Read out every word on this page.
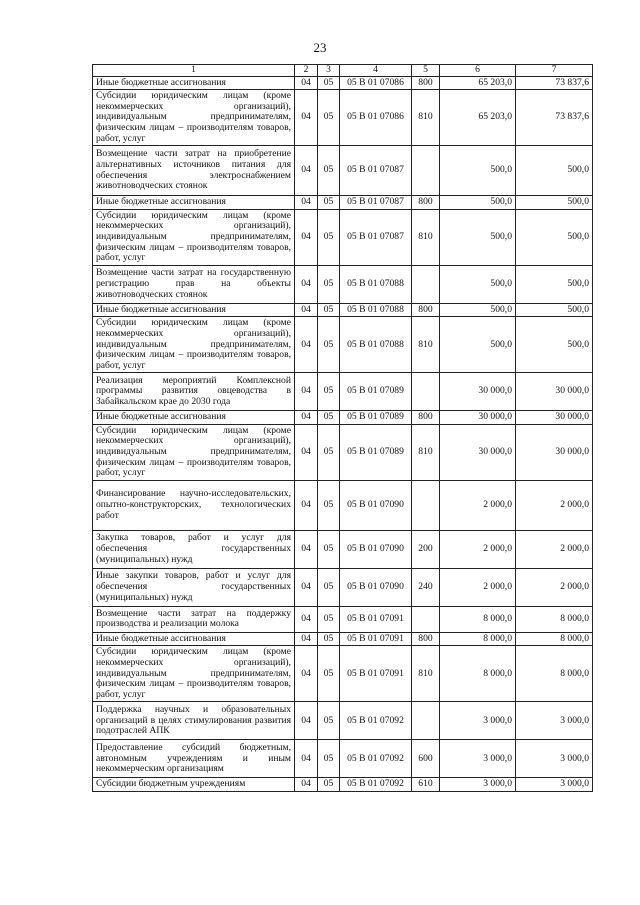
23
1	2	3	4	5	6	7
Иные бюджетные ассигнования	04	05	05 В 01 07086	800	65 203,0	73 837,6
Субсидии юридическим лицам (кроме некоммерческих организаций), индивидуальным предпринимателям, физическим лицам – производителям товаров, работ, услуг	04	05	05 В 01 07086	810	65 203,0	73 837,6
Возмещение части затрат на приобретение альтернативных источников питания для обеспечения электроснабжением животноводческих стоянок	04	05	05 В 01 07087		500,0	500,0
Иные бюджетные ассигнования	04	05	05 В 01 07087	800	500,0	500,0
Субсидии юридическим лицам (кроме некоммерческих организаций), индивидуальным предпринимателям, физическим лицам – производителям товаров, работ, услуг	04	05	05 В 01 07087	810	500,0	500,0
Возмещение части затрат на государственную регистрацию прав на объекты животноводческих стоянок	04	05	05 В 01 07088		500,0	500,0
Иные бюджетные ассигнования	04	05	05 В 01 07088	800	500,0	500,0
Субсидии юридическим лицам (кроме некоммерческих организаций), индивидуальным предпринимателям, физическим лицам – производителям товаров, работ, услуг	04	05	05 В 01 07088	810	500,0	500,0
Реализация мероприятий Комплексной программы развития овцеводства в Забайкальском крае до 2030 года	04	05	05 В 01 07089		30 000,0	30 000,0
Иные бюджетные ассигнования	04	05	05 В 01 07089	800	30 000,0	30 000,0
Субсидии юридическим лицам (кроме некоммерческих организаций), индивидуальным предпринимателям, физическим лицам – производителям товаров, работ, услуг	04	05	05 В 01 07089	810	30 000,0	30 000,0
Финансирование научно-исследовательских, опытно-конструкторских, технологических работ	04	05	05 В 01 07090		2 000,0	2 000,0
Закупка товаров, работ и услуг для обеспечения государственных (муниципальных) нужд	04	05	05 В 01 07090	200	2 000,0	2 000,0
Иные закупки товаров, работ и услуг для обеспечения государственных (муниципальных) нужд	04	05	05 В 01 07090	240	2 000,0	2 000,0
Возмещение части затрат на поддержку производства и реализации молока	04	05	05 В 01 07091		8 000,0	8 000,0
Иные бюджетные ассигнования	04	05	05 В 01 07091	800	8 000,0	8 000,0
Субсидии юридическим лицам (кроме некоммерческих организаций), индивидуальным предпринимателям, физическим лицам – производителям товаров, работ, услуг	04	05	05 В 01 07091	810	8 000,0	8 000,0
Поддержка научных и образовательных организаций в целях стимулирования развития подотраслей АПК	04	05	05 В 01 07092		3 000,0	3 000,0
Предоставление субсидий бюджетным, автономным учреждениям и иным некоммерческим организациям	04	05	05 В 01 07092	600	3 000,0	3 000,0
Субсидии бюджетным учреждениям	04	05	05 В 01 07092	610	3 000,0	3 000,0
